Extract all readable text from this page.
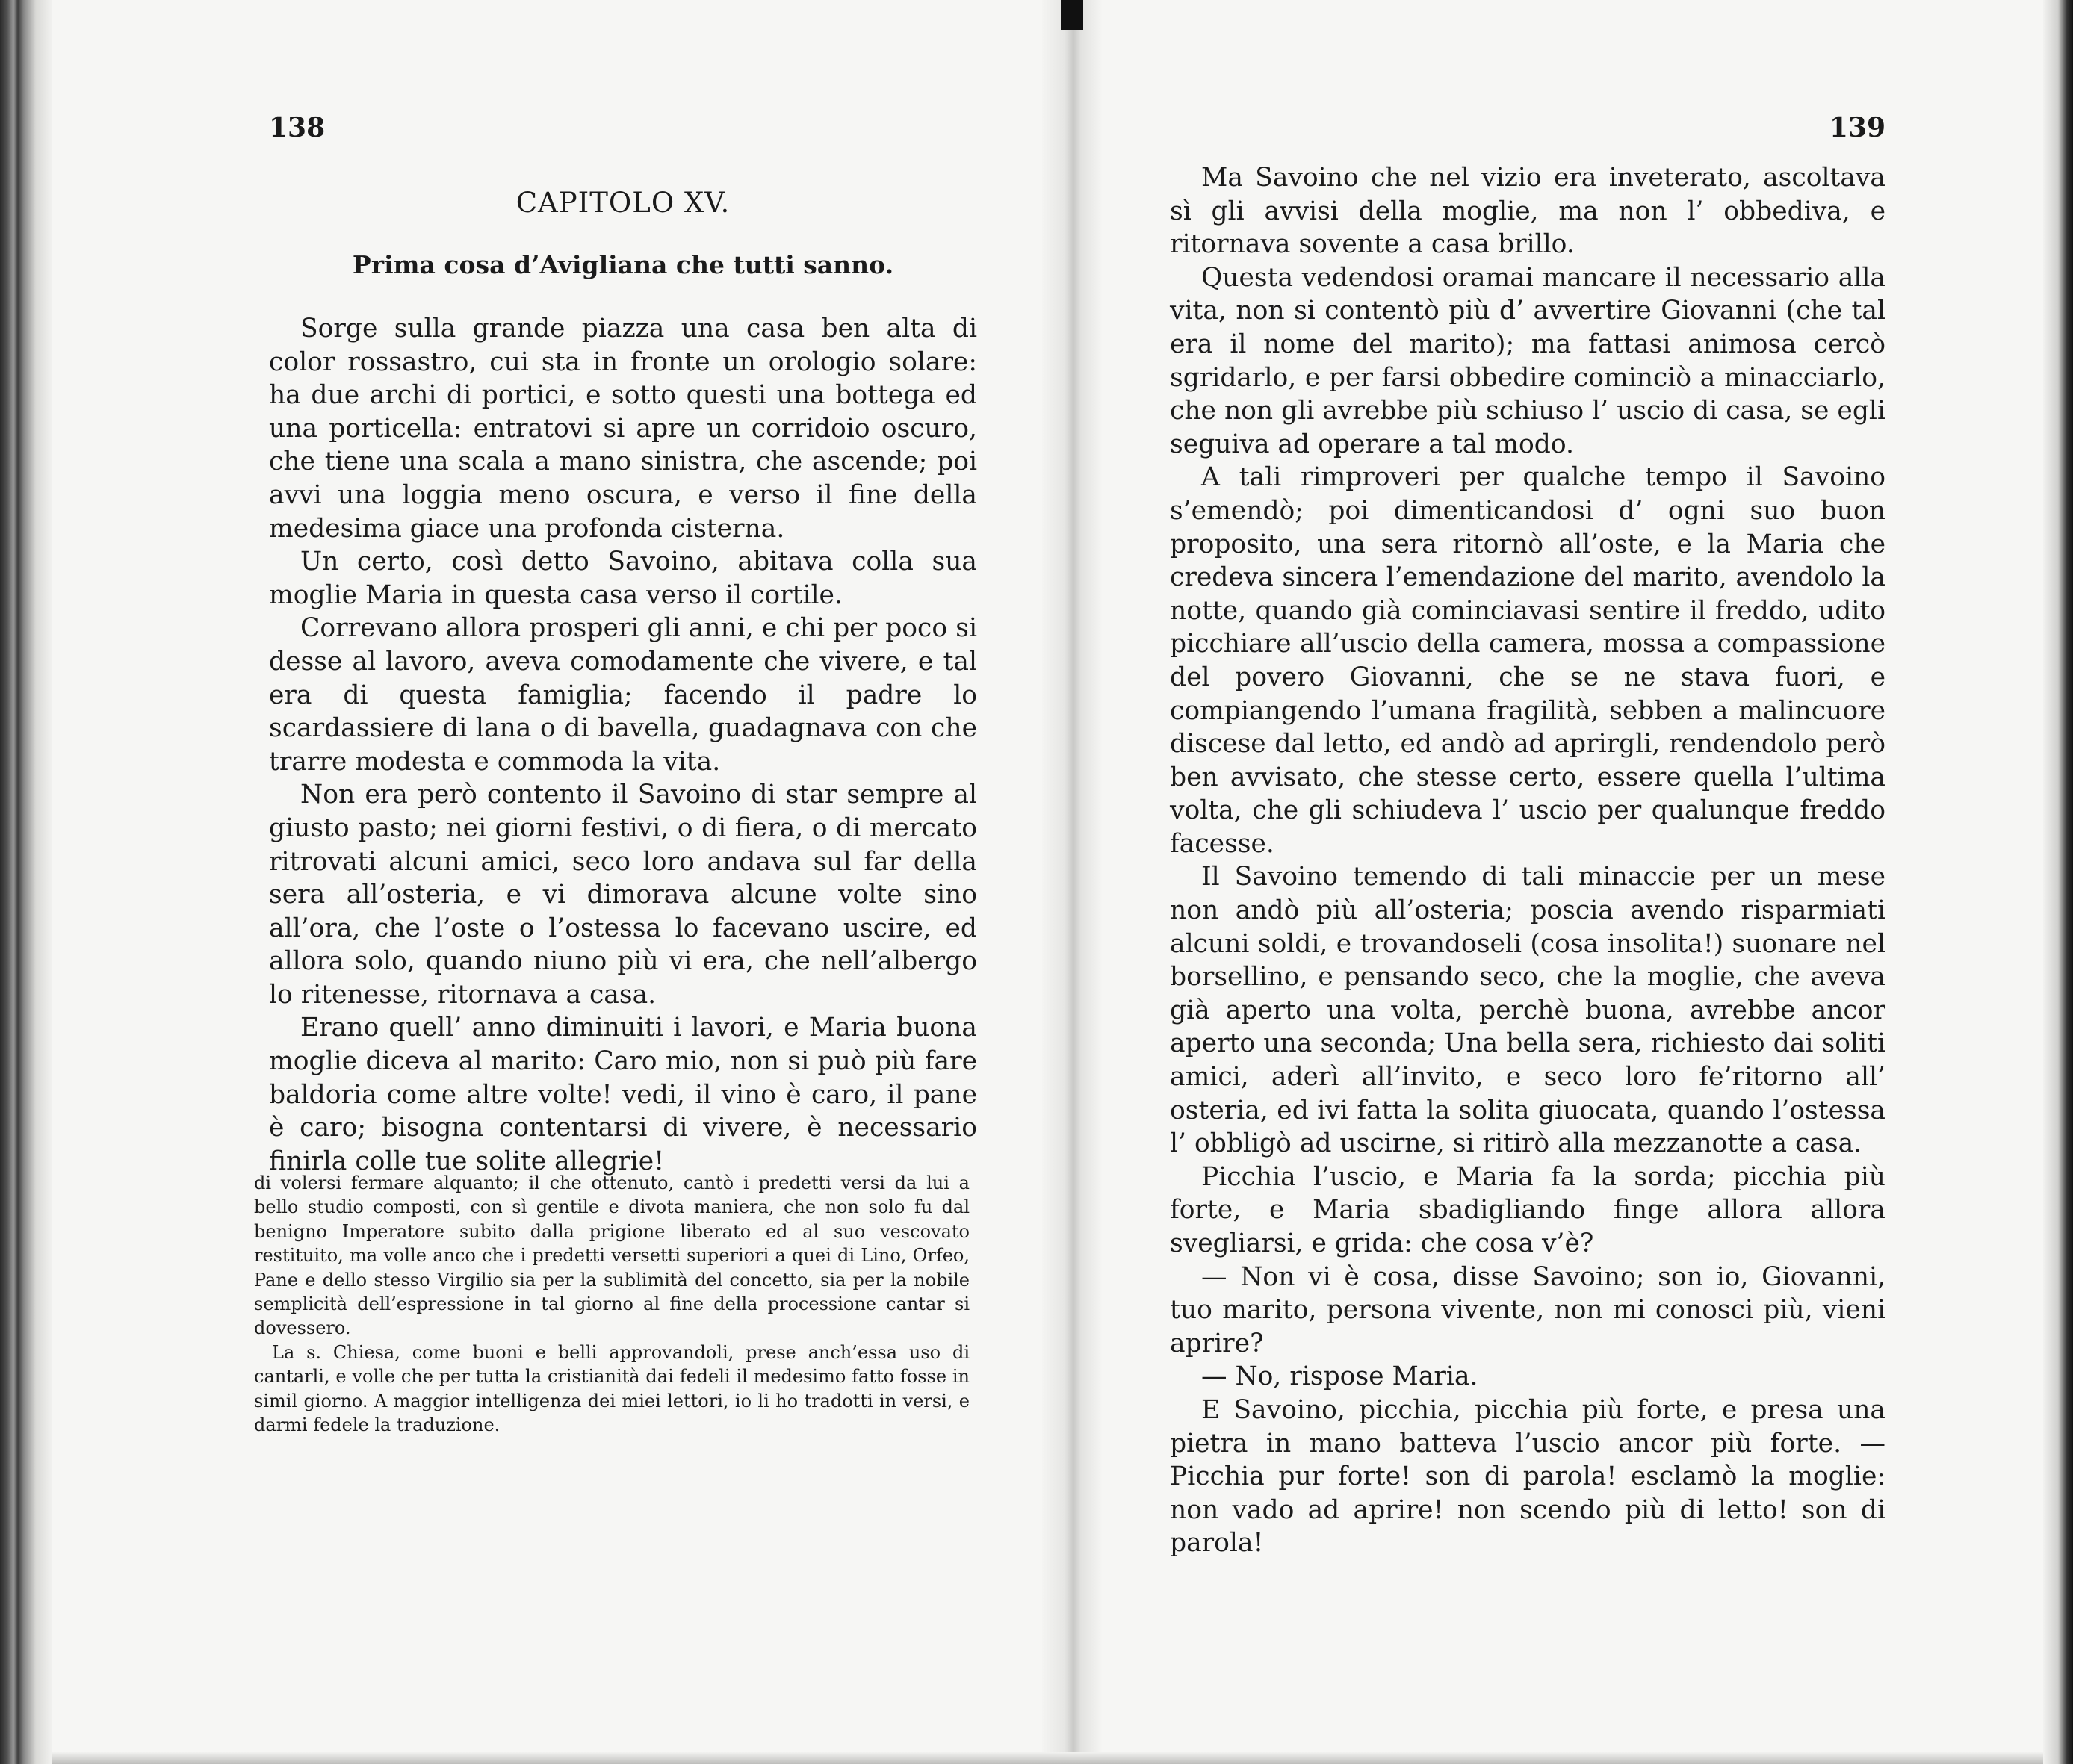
138
CAPITOLO XV.
Prima cosa d’Avigliana che tutti sanno.

Sorge sulla grande piazza una casa ben alta di color rossastro, cui sta in fronte un orologio solare: ha due archi di portici, e sotto questi una bottega ed una porticella: entratovi si apre un corridoio oscuro, che tiene una scala a mano sinistra, che ascende; poi avvi una loggia meno oscura, e verso il fine della medesima giace una profonda cisterna.

Un certo, così detto Savoino, abitava colla sua moglie Maria in questa casa verso il cortile.

Correvano allora prosperi gli anni, e chi per poco si desse al lavoro, aveva comodamente che vivere, e tal era di questa famiglia; facendo il padre lo scardassiere di lana o di bavella, guadagnava con che trarre modesta e commoda la vita.

Non era però contento il Savoino di star sempre al giusto pasto; nei giorni festivi, o di fiera, o di mercato ritrovati alcuni amici, seco loro andava sul far della sera all’osteria, e vi dimorava alcune volte sino all’ora, che l’oste o l’ostessa lo facevano uscire, ed allora solo, quando niuno più vi era, che nell’albergo lo ritenesse, ritornava a casa.

Erano quell’ anno diminuiti i lavori, e Maria buona moglie diceva al marito: Caro mio, non si può più fare baldoria come altre volte! vedi, il vino è caro, il pane è caro; bisogna contentarsi di vivere, è necessario finirla colle tue solite allegrie!

di volersi fermare alquanto; il che ottenuto, cantò i predetti versi da lui a bello studio composti, con sì gentile e divota maniera, che non solo fu dal benigno Imperatore subito dalla prigione liberato ed al suo vescovato restituito, ma volle anco che i predetti versetti superiori a quei di Lino, Orfeo, Pane e dello stesso Virgilio sia per la sublimità del concetto, sia per la nobile semplicità dell’espressione in tal giorno al fine della processione cantar si dovessero.

La s. Chiesa, come buoni e belli approvandoli, prese anch’essa uso di cantarli, e volle che per tutta la cristianità dai fedeli il medesimo fatto fosse in simil giorno. A maggior intelligenza dei miei lettori, io li ho tradotti in versi, e darmi fedele la traduzione.

139

Ma Savoino che nel vizio era inveterato, ascoltava sì gli avvisi della moglie, ma non l’ obbediva, e ritornava sovente a casa brillo.

Questa vedendosi oramai mancare il necessario alla vita, non si contentò più d’ avvertire Giovanni (che tal era il nome del marito); ma fattasi animosa cercò sgridarlo, e per farsi obbedire cominciò a minacciarlo, che non gli avrebbe più schiuso l’ uscio di casa, se egli seguiva ad operare a tal modo.

A tali rimproveri per qualche tempo il Savoino s’emendò; poi dimenticandosi d’ ogni suo buon proposito, una sera ritornò all’oste, e la Maria che credeva sincera l’emendazione del marito, avendolo la notte, quando già cominciavasi sentire il freddo, udito picchiare all’uscio della camera, mossa a compassione del povero Giovanni, che se ne stava fuori, e compiangendo l’umana fragilità, sebben a malincuore discese dal letto, ed andò ad aprirgli, rendendolo però ben avvisato, che stesse certo, essere quella l’ultima volta, che gli schiudeva l’ uscio per qualunque freddo facesse.

Il Savoino temendo di tali minaccie per un mese non andò più all’osteria; poscia avendo risparmiati alcuni soldi, e trovandoseli (cosa insolita!) suonare nel borsellino, e pensando seco, che la moglie, che aveva già aperto una volta, perchè buona, avrebbe ancor aperto una seconda; Una bella sera, richiesto dai soliti amici, aderì all’invito, e seco loro fe’ritorno all’ osteria, ed ivi fatta la solita giuocata, quando l’ostessa l’ obbligò ad uscirne, si ritirò alla mezzanotte a casa.

Picchia l’uscio, e Maria fa la sorda; picchia più forte, e Maria sbadigliando finge allora allora svegliarsi, e grida: che cosa v’è?

— Non vi è cosa, disse Savoino; son io, Giovanni, tuo marito, persona vivente, non mi conosci più, vieni aprire?

— No, rispose Maria.

E Savoino, picchia, picchia più forte, e presa una pietra in mano batteva l’uscio ancor più forte. — Picchia pur forte! son di parola! esclamò la moglie: non vado ad aprire! non scendo più di letto! son di parola!
